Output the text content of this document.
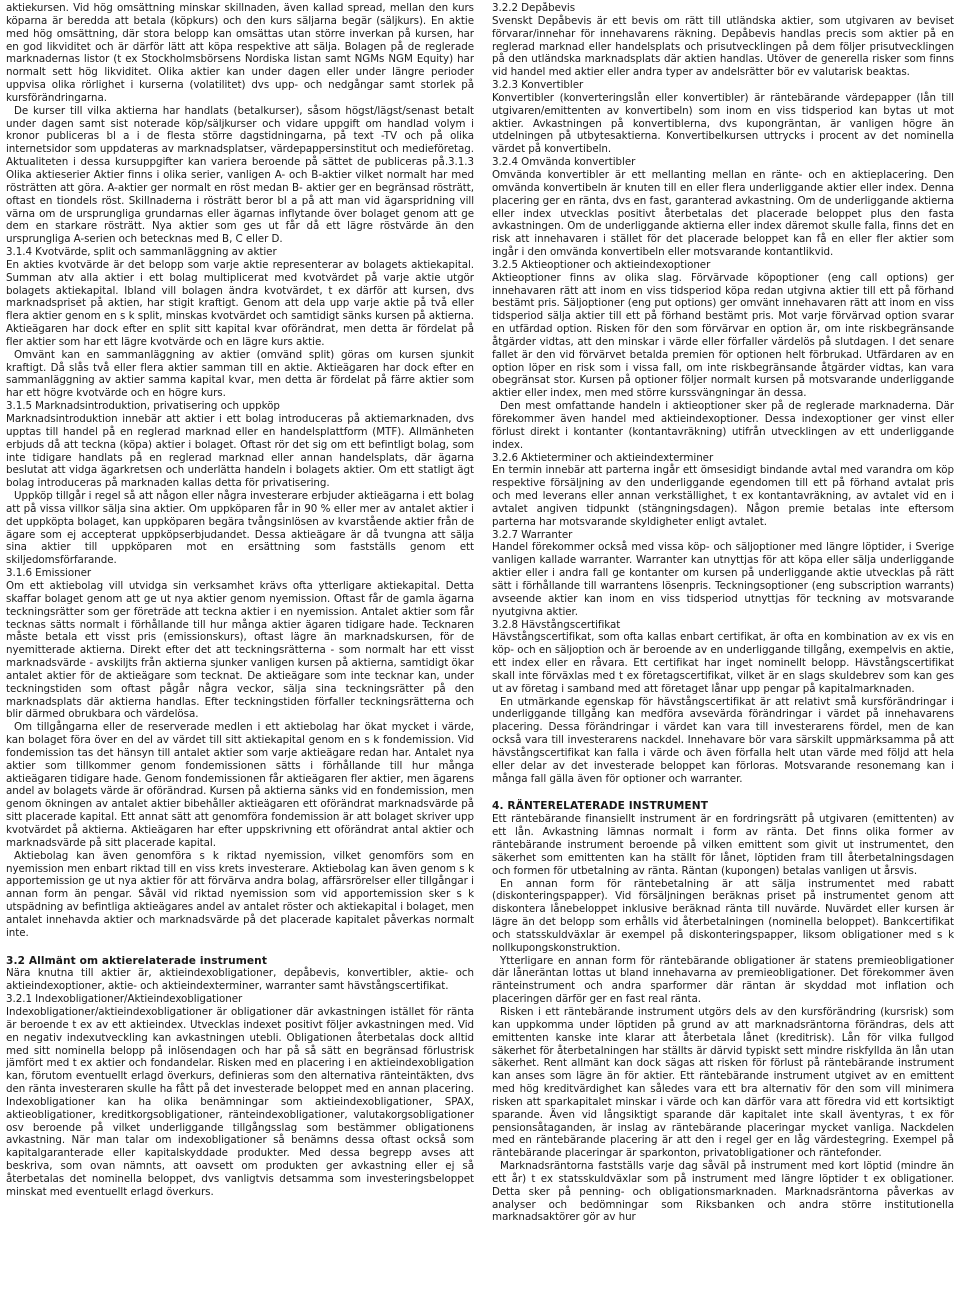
aktiekursen. Vid hög omsättning minskar skillnaden, även kallad spread, mellan den kurs köparna är beredda att betala (köpkurs) och den kurs säljarna begär (säljkurs). En aktie med hög omsättning, där stora belopp kan omsättas utan större inverkan på kursen, har en god likviditet och är därför lätt att köpa respektive att sälja. Bolagen på de reglerade marknadernas listor (t ex Stockholmsbörsens Nordiska listan samt NGMs NGM Equity) har normalt sett hög likviditet. Olika aktier kan under dagen eller under längre perioder uppvisa olika rörlighet i kurserna (volatilitet) dvs upp- och nedgångar samt storlek på kursförändringarna.

De kurser till vilka aktierna har handlats (betalkurser), såsom högst/lägst/senast betalt under dagen samt sist noterade köp/säljkurser och vidare uppgift om handlad volym i kronor publiceras bl a i de flesta större dagstidningarna, på text -TV och på olika internetsidor som uppdateras av marknadsplatser, värdepappersinstitut och medieföretag. Aktualiteten i dessa kursuppgifter kan variera beroende på sättet de publiceras på.3.1.3 Olika aktieserier Aktier finns i olika serier, vanligen A- och B-aktier vilket normalt har med rösträtten att göra. A-aktier ger normalt en röst medan B- aktier ger en begränsad rösträtt, oftast en tiondels röst. Skillnaderna i rösträtt beror bl a på att man vid ägarspridning vill värna om de ursprungliga grundarnas eller ägarnas inflytande över bolaget genom att ge dem en starkare rösträtt. Nya aktier som ges ut får då ett lägre röstvärde än den ursprungliga A-serien och betecknas med B, C eller D.

3.1.4 Kvotvärde, split och sammanläggning av aktier

En akties kvotvärde är det belopp som varje aktie representerar av bolagets aktiekapital. Summan atv alla aktier i ett bolag multiplicerat med kvotvärdet på varje aktie utgör bolagets aktiekapital. Ibland vill bolagen ändra kvotvärdet, t ex därför att kursen, dvs marknadspriset på aktien, har stigit kraftigt. Genom att dela upp varje aktie på två eller flera aktier genom en s k split, minskas kvotvärdet och samtidigt sänks kursen på aktierna. Aktieägaren har dock efter en split sitt kapital kvar oförändrat, men detta är fördelat på fler aktier som har ett lägre kvotvärde och en lägre kurs aktie.

Omvänt kan en sammanläggning av aktier (omvänd split) göras om kursen sjunkit kraftigt. Då slås två eller flera aktier samman till en aktie. Aktieägaren har dock efter en sammanläggning av aktier samma kapital kvar, men detta är fördelat på färre aktier som har ett högre kvotvärde och en högre kurs.

3.1.5 Marknadsintroduktion, privatisering och uppköp

Marknadsintroduktion innebär att aktier i ett bolag introduceras på aktiemarknaden, dvs upptas till handel på en reglerad marknad eller en handelsplattform (MTF). Allmänheten erbjuds då att teckna (köpa) aktier i bolaget. Oftast rör det sig om ett befintligt bolag, som inte tidigare handlats på en reglerad marknad eller annan handelsplats, där ägarna beslutat att vidga ägarkretsen och underlätta handeln i bolagets aktier. Om ett statligt ägt bolag introduceras på marknaden kallas detta för privatisering.

Uppköp tillgår i regel så att någon eller några investerare erbjuder aktieägarna i ett bolag att på vissa villkor sälja sina aktier. Om uppköparen får in 90 % eller mer av antalet aktier i det uppköpta bolaget, kan uppköparen begära tvångsinlösen av kvarstående aktier från de ägare som ej accepterat uppköpserbjudandet. Dessa aktieägare är då tvungna att sälja sina aktier till uppköparen mot en ersättning som fastställs genom ett skiljedomsförfarande.

3.1.6 Emissioner

Om ett aktiebolag vill utvidga sin verksamhet krävs ofta ytterligare aktiekapital. Detta skaffar bolaget genom att ge ut nya aktier genom nyemission. Oftast får de gamla ägarna teckningsrätter som ger företräde att teckna aktier i en nyemission. Antalet aktier som får tecknas sätts normalt i förhållande till hur många aktier ägaren tidigare hade. Tecknaren måste betala ett visst pris (emissionskurs), oftast lägre än marknadskursen, för de nyemitterade aktierna. Direkt efter det att teckningsrätterna - som normalt har ett visst marknadsvärde - avskiljts från aktierna sjunker vanligen kursen på aktierna, samtidigt ökar antalet aktier för de aktieägare som tecknat. De aktieägare som inte tecknar kan, under teckningstiden som oftast pågår några veckor, sälja sina teckningsrätter på den marknadsplats där aktierna handlas. Efter teckningstiden förfaller teckningsrätterna och blir därmed obrukbara och värdelösa.

Om tillgångarna eller de reserverade medlen i ett aktiebolag har ökat mycket i värde, kan bolaget föra över en del av värdet till sitt aktiekapital genom en s k fondemission. Vid fondemission tas det hänsyn till antalet aktier som varje aktieägare redan har. Antalet nya aktier som tillkommer genom fondemissionen sätts i förhållande till hur många aktieägaren tidigare hade. Genom fondemissionen får aktieägaren fler aktier, men ägarens andel av bolagets värde är oförändrad. Kursen på aktierna sänks vid en fondemission, men genom ökningen av antalet aktier bibehåller aktieägaren ett oförändrat marknadsvärde på sitt placerade kapital. Ett annat sätt att genomföra fondemission är att bolaget skriver upp kvotvärdet på aktierna. Aktieägaren har efter uppskrivning ett oförändrat antal aktier och marknadsvärde på sitt placerade kapital.

Aktiebolag kan även genomföra s k riktad nyemission, vilket genomförs som en nyemission men enbart riktad till en viss krets investerare. Aktiebolag kan även genom s k apportemission ge ut nya aktier för att förvärva andra bolag, affärsrörelser eller tillgångar i annan form än pengar. Såväl vid riktad nyemission som vid apportemission sker s k utspädning av befintliga aktieägares andel av antalet röster och aktiekapital i bolaget, men antalet innehavda aktier och marknadsvärde på det placerade kapitalet påverkas normalt inte.

3.2 Allmänt om aktierelaterade instrument

Nära knutna till aktier är, aktieindexobligationer, depåbevis, konvertibler, aktie- och aktieindexoptioner, aktie- och aktieindexterminer, warranter samt hävstångscertifikat.

3.2.1 Indexobligationer/Aktieindexobligationer

Indexobligationer/aktieindexobligationer är obligationer där avkastningen istället för ränta är beroende t ex av ett aktieindex. Utvecklas indexet positivt följer avkastningen med. Vid en negativ indexutveckling kan avkastningen utebli. Obligationen återbetalas dock alltid med sitt nominella belopp på inlösendagen och har på så sätt en begränsad förlustrisk jämfört med t ex aktier och fondandelar. Risken med en placering i en aktieindexobligation kan, förutom eventuellt erlagd överkurs, definieras som den alternativa ränteintäkten, dvs den ränta investeraren skulle ha fått på det investerade beloppet med en annan placering. Indexobligationer kan ha olika benämningar som aktieindexobligationer, SPAX, aktieobligationer, kreditkorgsobligationer, ränteindexobligationer, valutakorgsobligationer osv beroende på vilket underliggande tillgångsslag som bestämmer obligationens avkastning. När man talar om indexobligationer så benämns dessa oftast också som kapitalgaranterade eller kapitalskyddade produkter. Med dessa begrepp avses att beskriva, som ovan nämnts, att oavsett om produkten ger avkastning eller ej så återbetalas det nominella beloppet, dvs vanligtvis detsamma som investeringsbeloppet minskat med eventuellt erlagd överkurs.

3.2.2 Depåbevis

Svenskt Depåbevis är ett bevis om rätt till utländska aktier, som utgivaren av beviset förvarar/innehar för innehavarens räkning. Depåbevis handlas precis som aktier på en reglerad marknad eller handelsplats och prisutvecklingen på dem följer prisutvecklingen på den utländska marknadsplats där aktien handlas. Utöver de generella risker som finns vid handel med aktier eller andra typer av andelsrätter bör ev valutarisk beaktas.

3.2.3 Konvertibler

Konvertibler (konverteringslån eller konvertibler) är räntebärande värdepapper (lån till utgivaren/emittenten av konvertibeln) som inom en viss tidsperiod kan bytas ut mot aktier. Avkastningen på konvertiblerna, dvs kupongräntan, är vanligen högre än utdelningen på utbytesaktierna. Konvertibelkursen uttrycks i procent av det nominella värdet på konvertibeln.

3.2.4 Omvända konvertibler

Omvända konvertibler är ett mellanting mellan en ränte- och en aktieplacering. Den omvända konvertibeln är knuten till en eller flera underliggande aktier eller index. Denna placering ger en ränta, dvs en fast, garanterad avkastning. Om de underliggande aktierna eller index utvecklas positivt återbetalas det placerade beloppet plus den fasta avkastningen. Om de underliggande aktierna eller index däremot skulle falla, finns det en risk att innehavaren i stället för det placerade beloppet kan få en eller fler aktier som ingår i den omvända konvertibeln eller motsvarande kontantlikvid.

3.2.5 Aktieoptioner och aktieindexoptioner

Aktieoptioner finns av olika slag. Förvärvade köpoptioner (eng call options) ger innehavaren rätt att inom en viss tidsperiod köpa redan utgivna aktier till ett på förhand bestämt pris. Säljoptioner (eng put options) ger omvänt innehavaren rätt att inom en viss tidsperiod sälja aktier till ett på förhand bestämt pris. Mot varje förvärvad option svarar en utfärdad option. Risken för den som förvärvar en option är, om inte riskbegränsande åtgärder vidtas, att den minskar i värde eller förfaller värdelös på slutdagen. I det senare fallet är den vid förvärvet betalda premien för optionen helt förbrukad. Utfärdaren av en option löper en risk som i vissa fall, om inte riskbegränsande åtgärder vidtas, kan vara obegränsat stor. Kursen på optioner följer normalt kursen på motsvarande underliggande aktier eller index, men med större kurssvängningar än dessa.

Den mest omfattande handeln i aktieoptioner sker på de reglerade marknaderna. Där förekommer även handel med aktieindexoptioner. Dessa indexoptioner ger vinst eller förlust direkt i kontanter (kontantavräkning) utifrån utvecklingen av ett underliggande index.

3.2.6 Aktieterminer och aktieindexterminer

En termin innebär att parterna ingår ett ömsesidigt bindande avtal med varandra om köp respektive försäljning av den underliggande egendomen till ett på förhand avtalat pris och med leverans eller annan verkställighet, t ex kontantavräkning, av avtalet vid en i avtalet angiven tidpunkt (stängningsdagen). Någon premie betalas inte eftersom parterna har motsvarande skyldigheter enligt avtalet.

3.2.7 Warranter

Handel förekommer också med vissa köp- och säljoptioner med längre löptider, i Sverige vanligen kallade warranter. Warranter kan utnyttjas för att köpa eller sälja underliggande aktier eller i andra fall ge kontanter om kursen på underliggande aktie utvecklas på rätt sätt i förhållande till warrantens lösenpris. Teckningsoptioner (eng subscription warrants) avseende aktier kan inom en viss tidsperiod utnyttjas för teckning av motsvarande nyutgivna aktier.

3.2.8 Hävstångscertifikat

Hävstångscertifikat, som ofta kallas enbart certifikat, är ofta en kombination av ex vis en köp- och en säljoption och är beroende av en underliggande tillgång, exempelvis en aktie, ett index eller en råvara. Ett certifikat har inget nominellt belopp. Hävstångscertifikat skall inte förväxlas med t ex företagscertifikat, vilket är en slags skuldebrev som kan ges ut av företag i samband med att företaget lånar upp pengar på kapitalmarknaden.

En utmärkande egenskap för hävstångscertifikat är att relativt små kursförändringar i underliggande tillgång kan medföra avsevärda förändringar i värdet på innehavarens placering. Dessa förändringar i värdet kan vara till investerarens fördel, men de kan också vara till investerarens nackdel. Innehavare bör vara särskilt uppmärksamma på att hävstångscertifikat kan falla i värde och även förfalla helt utan värde med följd att hela eller delar av det investerade beloppet kan förloras. Motsvarande resonemang kan i många fall gälla även för optioner och warranter.

4. RÄNTERELATERADE INSTRUMENT

Ett räntebärande finansiellt instrument är en fordringsrätt på utgivaren (emittenten) av ett lån. Avkastning lämnas normalt i form av ränta. Det finns olika former av räntebärande instrument beroende på vilken emittent som givit ut instrumentet, den säkerhet som emittenten kan ha ställt för lånet, löptiden fram till återbetalningsdagen och formen för utbetalning av ränta. Räntan (kupongen) betalas vanligen ut årsvis.

En annan form för räntebetalning är att sälja instrumentet med rabatt (diskonteringspapper). Vid försäljningen beräknas priset på instrumentet genom att diskontera lånebeloppet inklusive beräknad ränta till nuvärde. Nuvärdet eller kursen är lägre än det belopp som erhålls vid återbetalningen (nominella beloppet). Bankcertifikat och statsskuldväxlar är exempel på diskonteringspapper, liksom obligationer med s k nollkupongskonstruktion.

Ytterligare en annan form för räntebärande obligationer är statens premieobligationer där låneräntan lottas ut bland innehavarna av premieobligationer. Det förekommer även ränteinstrument och andra sparformer där räntan är skyddad mot inflation och placeringen därför ger en fast real ränta.

Risken i ett räntebärande instrument utgörs dels av den kursförändring (kursrisk) som kan uppkomma under löptiden på grund av att marknadsräntorna förändras, dels att emittenten kanske inte klarar att återbetala lånet (kreditrisk). Lån för vilka fullgod säkerhet för återbetalningen har ställts är därvid typiskt sett mindre riskfyllda än lån utan säkerhet. Rent allmänt kan dock sägas att risken för förlust på räntebärande instrument kan anses som lägre än för aktier. Ett räntebärande instrument utgivet av en emittent med hög kreditvärdighet kan således vara ett bra alternativ för den som vill minimera risken att sparkapitalet minskar i värde och kan därför vara att föredra vid ett kortsiktigt sparande. Även vid långsiktigt sparande där kapitalet inte skall äventyras, t ex för pensionsåtaganden, är inslag av räntebärande placeringar mycket vanliga. Nackdelen med en räntebärande placering är att den i regel ger en låg värdestegring. Exempel på räntebärande placeringar är sparkonton, privatobligationer och räntefonder.

Marknadsräntorna fastställs varje dag såväl på instrument med kort löptid (mindre än ett år) t ex statsskuldväxlar som på instrument med längre löptider t ex obligationer. Detta sker på penning- och obligationsmarknaden. Marknadsräntorna påverkas av analyser och bedömningar som Riksbanken och andra större institutionella marknadsaktörer gör av hur
